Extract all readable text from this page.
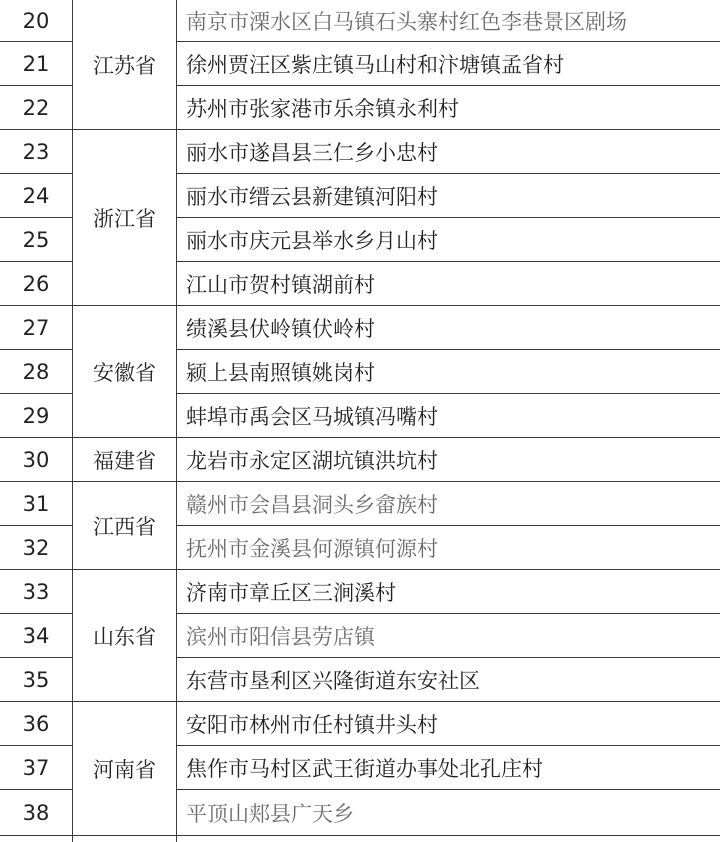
20	江苏省	南京市溧水区白马镇石头寨村红色李巷景区剧场
21		徐州贾汪区紫庄镇马山村和汴塘镇孟省村
22		苏州市张家港市乐余镇永利村
23	浙江省	丽水市遂昌县三仁乡小忠村
24		丽水市缙云县新建镇河阳村
25		丽水市庆元县举水乡月山村
26		江山市贺村镇湖前村
27	安徽省	绩溪县伏岭镇伏岭村
28		颍上县南照镇姚岗村
29		蚌埠市禹会区马城镇冯嘴村
30	福建省	龙岩市永定区湖坑镇洪坑村
31	江西省	赣州市会昌县洞头乡畲族村
32		抚州市金溪县何源镇何源村
33	山东省	济南市章丘区三涧溪村
34		滨州市阳信县劳店镇
35		东营市垦利区兴隆街道东安社区
36	河南省	安阳市林州市任村镇井头村
37		焦作市马村区武王街道办事处北孔庄村
38		平顶山郏县广天乡
